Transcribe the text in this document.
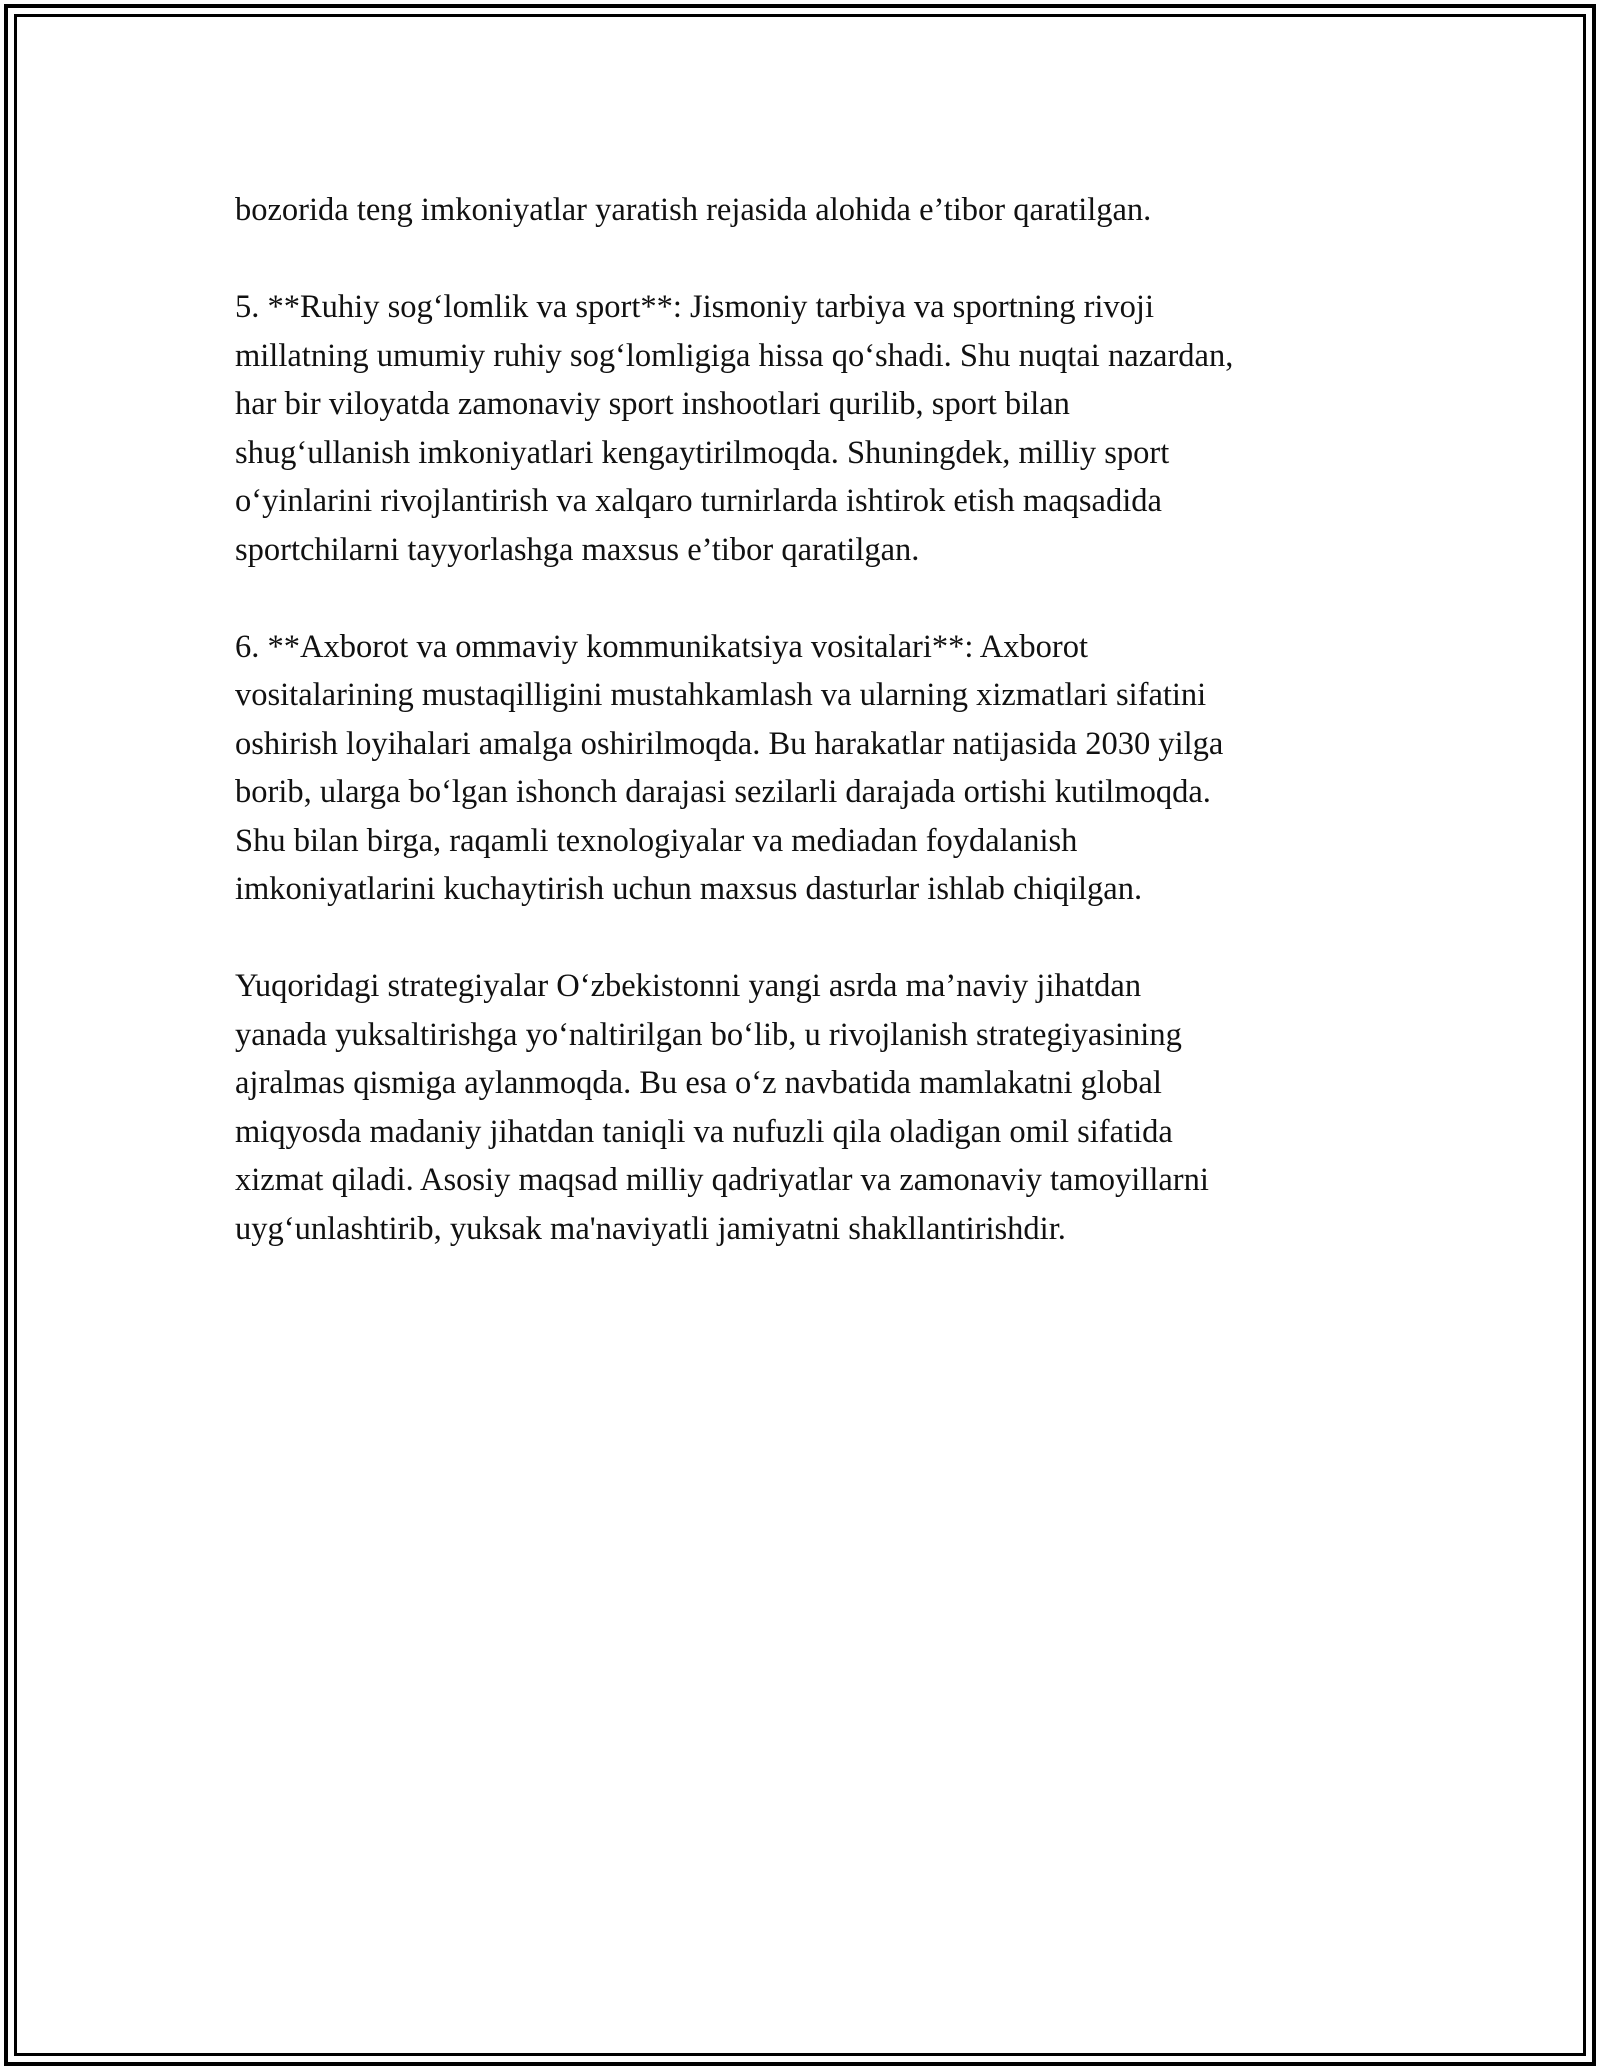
bozorida teng imkoniyatlar yaratish rejasida alohida e’tibor qaratilgan.
5. **Ruhiy sog‘lomlik va sport**: Jismoniy tarbiya va sportning rivoji
millatning umumiy ruhiy sog‘lomligiga hissa qo‘shadi. Shu nuqtai nazardan,
har bir viloyatda zamonaviy sport inshootlari qurilib, sport bilan
shug‘ullanish imkoniyatlari kengaytirilmoqda. Shuningdek, milliy sport
o‘yinlarini rivojlantirish va xalqaro turnirlarda ishtirok etish maqsadida
sportchilarni tayyorlashga maxsus e’tibor qaratilgan.
6. **Axborot va ommaviy kommunikatsiya vositalari**: Axborot
vositalarining mustaqilligini mustahkamlash va ularning xizmatlari sifatini
oshirish loyihalari amalga oshirilmoqda. Bu harakatlar natijasida 2030 yilga
borib, ularga bo‘lgan ishonch darajasi sezilarli darajada ortishi kutilmoqda.
Shu bilan birga, raqamli texnologiyalar va mediadan foydalanish
imkoniyatlarini kuchaytirish uchun maxsus dasturlar ishlab chiqilgan.
Yuqoridagi strategiyalar O‘zbekistonni yangi asrda ma’naviy jihatdan
yanada yuksaltirishga yo‘naltirilgan bo‘lib, u rivojlanish strategiyasining
ajralmas qismiga aylanmoqda. Bu esa o‘z navbatida mamlakatni global
miqyosda madaniy jihatdan taniqli va nufuzli qila oladigan omil sifatida
xizmat qiladi. Asosiy maqsad milliy qadriyatlar va zamonaviy tamoyillarni
uyg‘unlashtirib, yuksak ma'naviyatli jamiyatni shakllantirishdir.
